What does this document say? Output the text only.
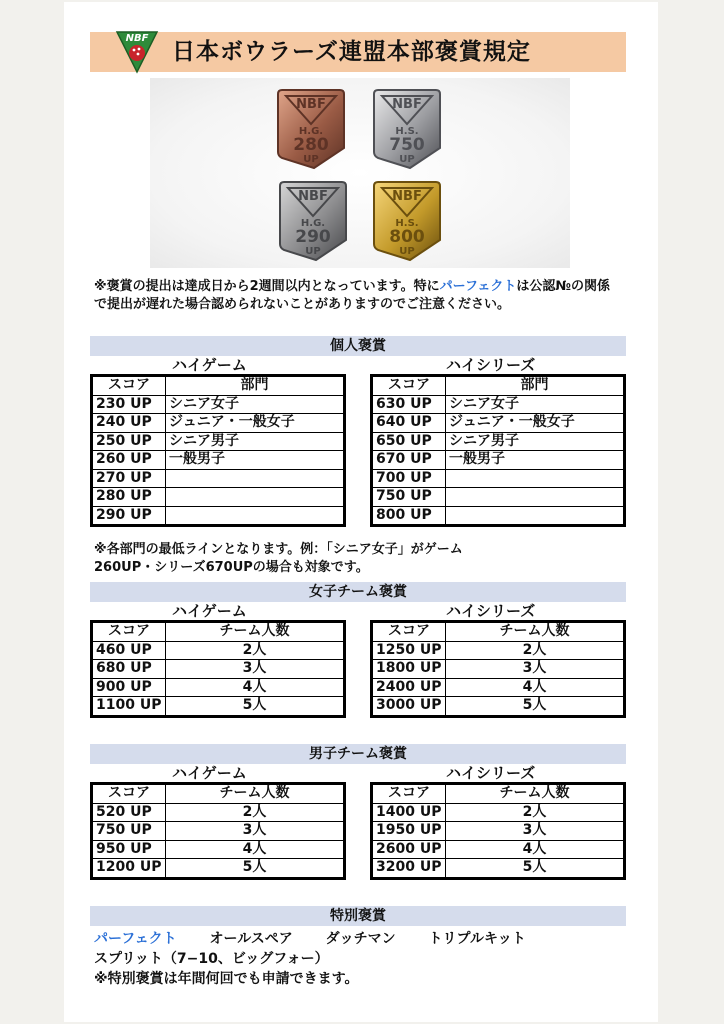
NBF
日本ボウラーズ連盟本部褒賞規定
NBF
H.G.
280
UP
NBF
H.S.
750
UP
NBF
H.G.
290
UP
NBF
H.S.
800
UP
※褒賞の提出は達成日から2週間以内となっています。特にパーフェクトは公認№の関係で提出が遅れた場合認められないことがありますのでご注意ください。
個人褒賞
ハイゲーム	ハイシリーズ
スコア	部門
230 UP	シニア女子
240 UP	ジュニア・一般女子
250 UP	シニア男子
260 UP	一般男子
270 UP	
280 UP	
290 UP	
スコア	部門
630 UP	シニア女子
640 UP	ジュニア・一般女子
650 UP	シニア男子
670 UP	一般男子
700 UP	
750 UP	
800 UP	
※各部門の最低ラインとなります。例：「シニア女子」がゲーム
260UP・シリーズ670UPの場合も対象です。
女子チーム褒賞
ハイゲーム	ハイシリーズ
スコア	チーム人数
460 UP	2人
680 UP	3人
900 UP	4人
1100 UP	5人
スコア	チーム人数
1250 UP	2人
1800 UP	3人
2400 UP	4人
3000 UP	5人
男子チーム褒賞
ハイゲーム	ハイシリーズ
スコア	チーム人数
520 UP	2人
750 UP	3人
950 UP	4人
1200 UP	5人
スコア	チーム人数
1400 UP	2人
1950 UP	3人
2600 UP	4人
3200 UP	5人
特別褒賞
パーフェクト オールスペア ダッチマン トリプルキット
スプリット（7−10、ビッグフォー）
※特別褒賞は年間何回でも申請できます。
